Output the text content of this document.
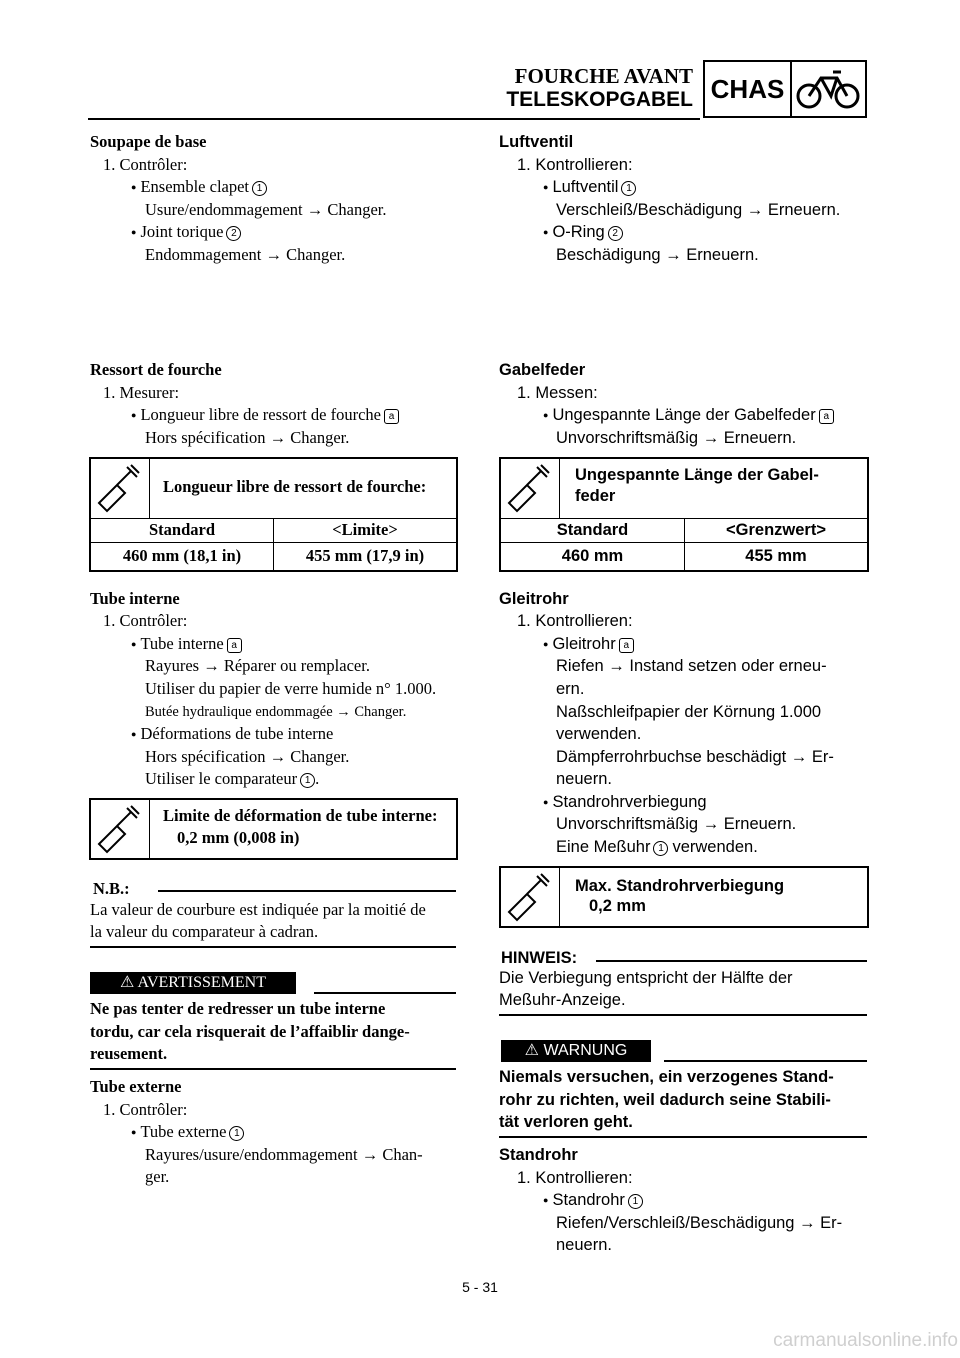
FOURCHE AVANT
TELESKOPGABEL CHAS
Soupape de base
1. Contrôler:
● Ensemble clapet 1
Usure/endommagement → Changer.
● Joint torique 2
Endommagement → Changer.
Ressort de fourche
1. Mesurer:
● Longueur libre de ressort de fourche a
Hors spécification → Changer.
Longueur libre de ressort de fourche:
Standard	<Limite>
460 mm (18,1 in)	455 mm (17,9 in)
Tube interne
1. Contrôler:
● Tube interne a
Rayures → Réparer ou remplacer.
Utiliser du papier de verre humide n° 1.000.
Butée hydraulique endommagée → Changer.
● Déformations de tube interne
Hors spécification → Changer.
Utiliser le comparateur 1 .
Limite de déformation de tube interne:
0,2 mm (0,008 in)
N.B.:
La valeur de courbure est indiquée par la moitié de
la valeur du comparateur à cadran.
⚠ AVERTISSEMENT
Ne pas tenter de redresser un tube interne
tordu, car cela risquerait de l’affaiblir dange-
reusement.
Tube externe
1. Contrôler:
● Tube externe 1
Rayures/usure/endommagement → Chan-
ger.
Luftventil
1. Kontrollieren:
● Luftventil 1
Verschleiß/Beschädigung → Erneuern.
● O-Ring 2
Beschädigung → Erneuern.
Gabelfeder
1. Messen:
● Ungespannte Länge der Gabelfeder a
Unvorschriftsmäßig → Erneuern.
Ungespannte Länge der Gabel-
feder
Standard	<Grenzwert>
460 mm	455 mm
Gleitrohr
1. Kontrollieren:
● Gleitrohr a
Riefen → Instand setzen oder erneu-
ern.
Naßschleifpapier der Körnung 1.000
verwenden.
Dämpferrohrbuchse beschädigt → Er-
neuern.
● Standrohrverbiegung
Unvorschriftsmäßig → Erneuern.
Eine Meßuhr 1 verwenden.
Max. Standrohrverbiegung
0,2 mm
HINWEIS:
Die Verbiegung entspricht der Hälfte der
Meßuhr-Anzeige.
⚠ WARNUNG
Niemals versuchen, ein verzogenes Stand-
rohr zu richten, weil dadurch seine Stabili-
tät verloren geht.
Standrohr
1. Kontrollieren:
● Standrohr 1
Riefen/Verschleiß/Beschädigung → Er-
neuern.
5 - 31
carmanualsonline.info
